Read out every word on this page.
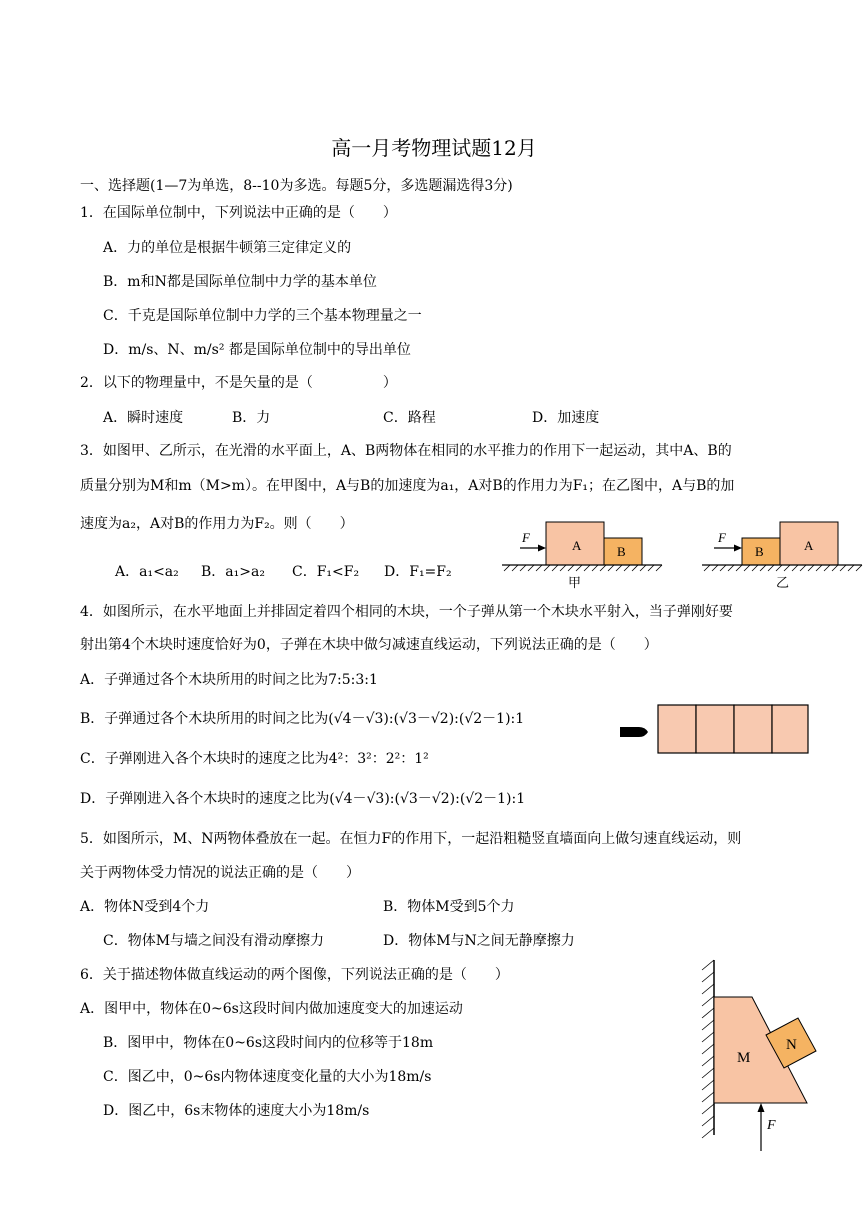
高一月考物理试题12月
一、选择题(1—7为单选，8--10为多选。每题5分，多选题漏选得3分)
1．在国际单位制中，下列说法中正确的是（　　）
A．力的单位是根据牛顿第三定律定义的
B．m和N都是国际单位制中力学的基本单位
C．千克是国际单位制中力学的三个基本物理量之一
D．m/s、N、m/s² 都是国际单位制中的导出单位
2．以下的物理量中，不是矢量的是（　　　　　）
A．瞬时速度	B．力	C．路程	D．加速度
3．如图甲、乙所示，在光滑的水平面上，A、B两物体在相同的水平推力的作用下一起运动，其中A、B的
质量分别为M和m（M>m）。在甲图中，A与B的加速度为a₁，A对B的作用力为F₁；在乙图中，A与B的加
速度为a₂，A对B的作用力为F₂。则（　　）
A．a₁<a₂ B．a₁>a₂ C．F₁<F₂ D．F₁=F₂
F
A	B
甲
F
B	A
乙
4．如图所示，在水平地面上并排固定着四个相同的木块，一个子弹从第一个木块水平射入，当子弹刚好要
射出第4个木块时速度恰好为0，子弹在木块中做匀减速直线运动，下列说法正确的是（　　）
A．子弹通过各个木块所用的时间之比为7:5:3:1
B．子弹通过各个木块所用的时间之比为(√4－√3):(√3－√2):(√2－1):1
C．子弹刚进入各个木块时的速度之比为4²：3²：2²：1²
D．子弹刚进入各个木块时的速度之比为(√4－√3):(√3－√2):(√2－1):1
5．如图所示，M、N两物体叠放在一起。在恒力F的作用下，一起沿粗糙竖直墙面向上做匀速直线运动，则
关于两物体受力情况的说法正确的是（　　）
A．物体N受到4个力	B．物体M受到5个力
C．物体M与墙之间没有滑动摩擦力	D．物体M与N之间无静摩擦力
6．关于描述物体做直线运动的两个图像，下列说法正确的是（　　）
A．图甲中，物体在0~6s这段时间内做加速度变大的加速运动
B．图甲中，物体在0~6s这段时间内的位移等于18m
C．图乙中，0~6s内物体速度变化量的大小为18m/s
D．图乙中，6s末物体的速度大小为18m/s
M
N
F
